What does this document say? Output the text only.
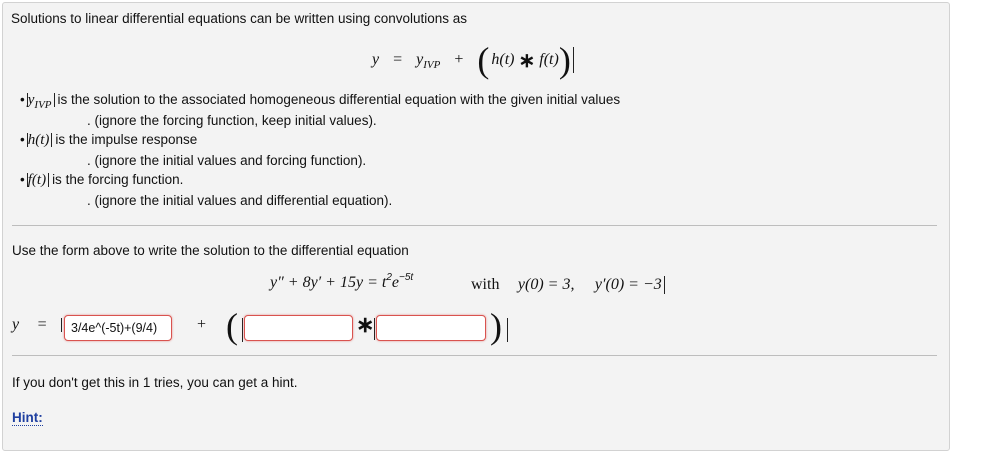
Solutions to linear differential equations can be written using convolutions as
$y = y_{IVP}$ + ( h(t) ∗ f(t) )
• $y_{IVP}$ is the solution to the associated homogeneous differential equation with the given initial values
. (ignore the forcing function, keep initial values).
• h(t) is the impulse response
. (ignore the initial values and forcing function).
• f(t) is the forcing function.
. (ignore the initial values and differential equation).
Use the form above to write the solution to the differential equation
$y'' + 8y' + 15y = t^2e^{-5t}$	with y(0) = 3, y′(0) = −3
y =	3/4e^(-5t)+(9/4)	+ (	∗	)
If you don't get this in 1 tries, you can get a hint.
Hint:
